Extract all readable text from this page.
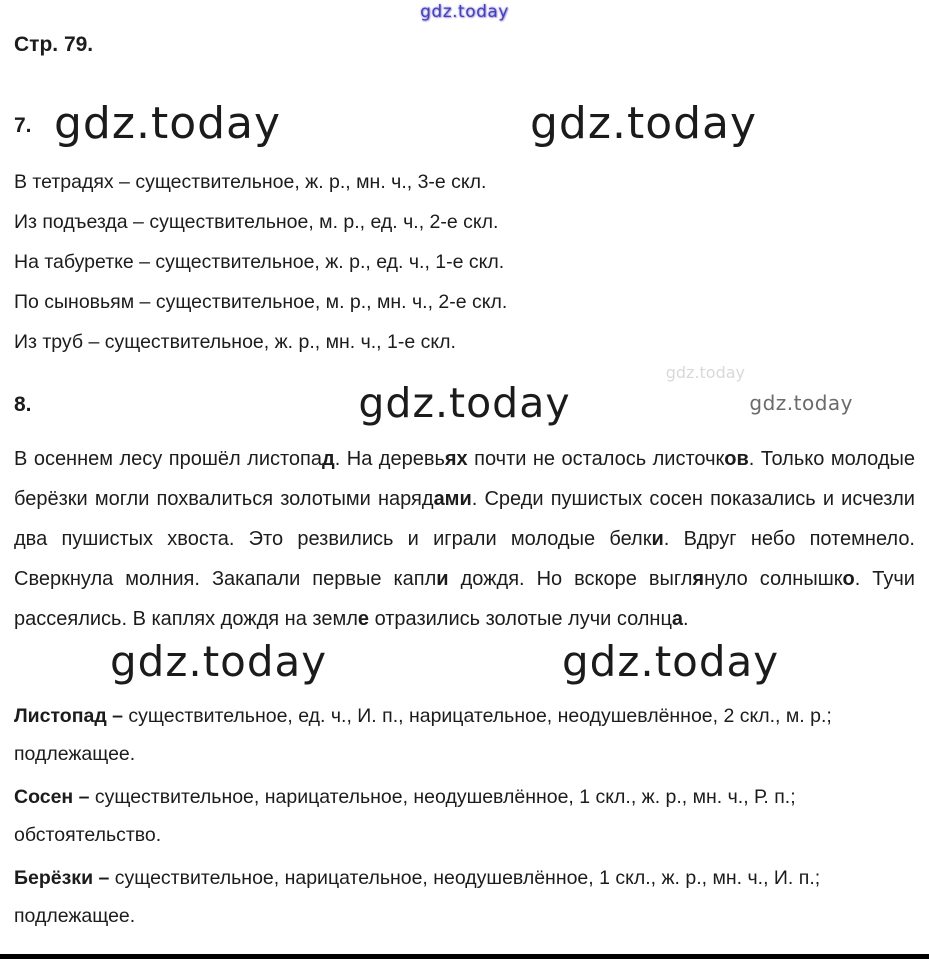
gdz.today
Стр. 79.
7. gdz.today	gdz.today
В тетрадях – существительное, ж. р., мн. ч., 3-е скл.
Из подъезда – существительное, м. р., ед. ч., 2-е скл.
На табуретке – существительное, ж. р., ед. ч., 1-е скл.
По сыновьям – существительное, м. р., мн. ч., 2-е скл.
Из труб – существительное, ж. р., мн. ч., 1-е скл.
8.	gdz.today
gdz.today
gdz.today
В осеннем лесу прошёл листопад. На деревьях почти не осталось листочков. Только молодые берёзки могли похвалиться золотыми нарядами. Среди пушистых сосен показались и исчезли два пушистых хвоста. Это резвились и играли молодые белки. Вдруг небо потемнело. Сверкнула молния. Закапали первые капли дождя. Но вскоре выглянуло солнышко. Тучи рассеялись. В каплях дождя на земле отразились золотые лучи солнца.
gdz.today	gdz.today

Листопад – существительное, ед. ч., И. п., нарицательное, неодушевлённое, 2 скл., м. р.; подлежащее.

Сосен – существительное, нарицательное, неодушевлённое, 1 скл., ж. р., мн. ч., Р. п.; обстоятельство.

Берёзки – существительное, нарицательное, неодушевлённое, 1 скл., ж. р., мн. ч., И. п.; подлежащее.
